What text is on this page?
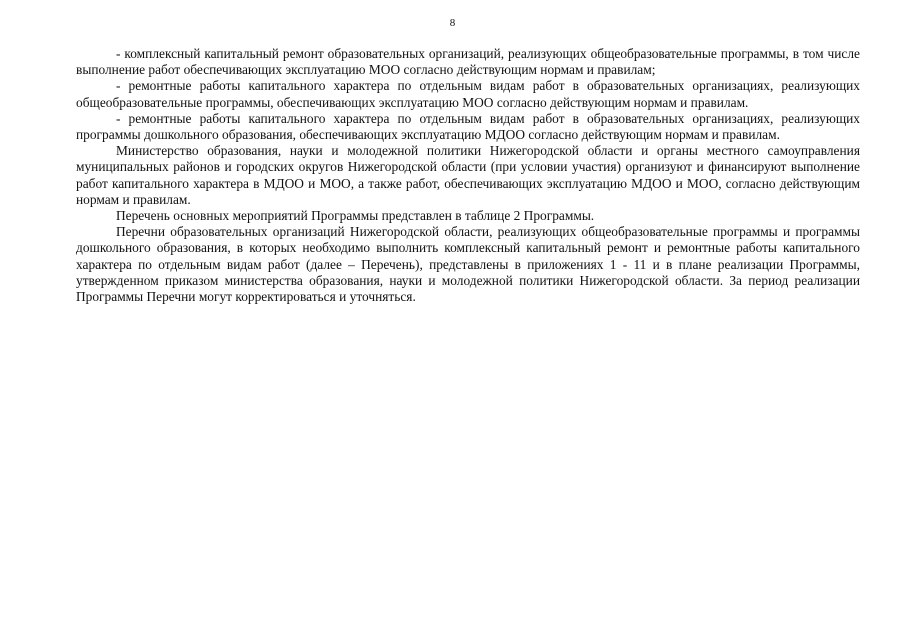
8

- комплексный капитальный ремонт образовательных организаций, реализующих общеобразовательные программы, в том числе выполнение работ обеспечивающих эксплуатацию МОО согласно действующим нормам и правилам;

- ремонтные работы капитального характера по отдельным видам работ в образовательных организациях, реализующих общеобразовательные программы, обеспечивающих эксплуатацию МОО согласно действующим нормам и правилам.

- ремонтные работы капитального характера по отдельным видам работ в образовательных организациях, реализующих программы дошкольного образования, обеспечивающих эксплуатацию МДОО согласно действующим нормам и правилам.

Министерство образования, науки и молодежной политики Нижегородской области и органы местного самоуправления муниципальных районов и городских округов Нижегородской области (при условии участия) организуют и финансируют выполнение работ капитального характера в МДОО и МОО, а также работ, обеспечивающих эксплуатацию МДОО и МОО, согласно действующим нормам и правилам.

Перечень основных мероприятий Программы представлен в таблице 2 Программы.

Перечни образовательных организаций Нижегородской области, реализующих общеобразовательные программы и программы дошкольного образования, в которых необходимо выполнить комплексный капитальный ремонт и ремонтные работы капитального характера по отдельным видам работ (далее – Перечень), представлены в приложениях 1 - 11 и в плане реализации Программы, утвержденном приказом министерства образования, науки и молодежной политики Нижегородской области. За период реализации Программы Перечни могут корректироваться и уточняться.
